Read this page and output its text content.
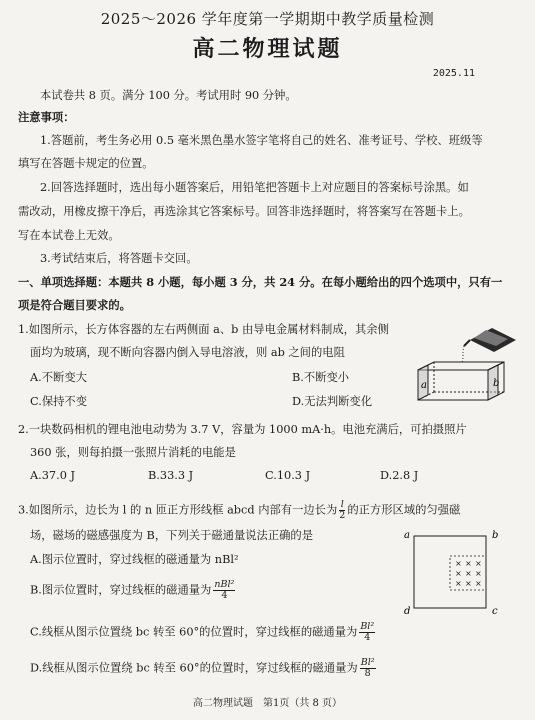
2025～2026 学年度第一学期期中教学质量检测
高二物理试题
2025.11
本试卷共 8 页。满分 100 分。考试用时 90 分钟。
注意事项：
1.答题前，考生务必用 0.5 毫米黑色墨水签字笔将自己的姓名、准考证号、学校、班级等
填写在答题卡规定的位置。
2.回答选择题时，选出每小题答案后，用铅笔把答题卡上对应题目的答案标号涂黑。如
需改动，用橡皮擦干净后，再选涂其它答案标号。回答非选择题时，将答案写在答题卡上。
写在本试卷上无效。
3.考试结束后，将答题卡交回。
一、单项选择题：本题共 8 小题，每小题 3 分，共 24 分。在每小题给出的四个选项中，只有一
项是符合题目要求的。
1.如图所示，长方体容器的左右两侧面 a、b 由导电金属材料制成，其余侧
面均为玻璃，现不断向容器内倒入导电溶液，则 ab 之间的电阻
A.不断变大	B.不断变小
C.保持不变	D.无法判断变化
a	b
2.一块数码相机的锂电池电动势为 3.7 V，容量为 1000 mA·h。电池充满后，可拍摄照片
360 张，则每拍摄一张照片消耗的电能是
A.37.0 J	B.33.3 J	C.10.3 J	D.2.8 J
3.如图所示，边长为 l 的 n 匝正方形线框 abcd 内部有一边长为 $\frac{l}{2}$ 的正方形区域的匀强磁
场，磁场的磁感强度为 B，下列关于磁通量说法正确的是
A.图示位置时，穿过线框的磁通量为 nBl²
B.图示位置时，穿过线框的磁通量为 $\frac{\text{nBl²}}{4}$
C.线框从图示位置绕 bc 转至 60°的位置时，穿过线框的磁通量为 $\frac{\text{Bl²}}{4}$
D.线框从图示位置绕 bc 转至 60°的位置时，穿过线框的磁通量为 $\frac{\text{Bl²}}{8}$
× × ×
× × ×
× × ×
a	b
c
d
高二物理试题　第1页（共 8 页）
